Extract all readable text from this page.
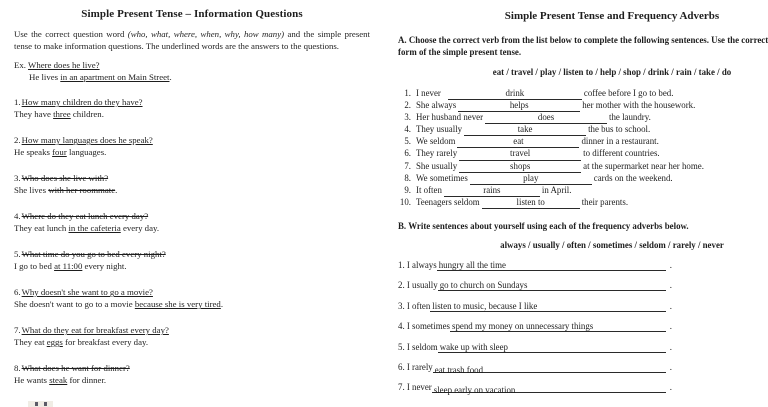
Simple Present Tense – Information Questions

Use the correct question word (who, what, where, when, why, how many) and the simple present tense to make information questions. The underlined words are the answers to the questions.

Ex. Where does he live?
He lives in an apartment on Main Street.
1.How many children do they have?
They have three children.
2.How many languages does he speak?
He speaks four languages.
3.Who does she live with?
She lives with her roommate.
4.Where do they eat lunch every day?
They eat lunch in the cafeteria every day.
5.What time do you go to bed every night?
I go to bed at 11:00 every night.
6.Why doesn't she want to go a movie?
She doesn't want to go to a movie because she is very tired.
7.What do they eat for breakfast every day?
They eat eggs for breakfast every day.
8.What does he want for dinner?
He wants steak for dinner.
Simple Present Tense and Frequency Adverbs

A. Choose the correct verb from the list below to complete the following sentences. Use the correct
form of the simple present tense.

eat / travel / play / listen to / help / shop / drink / rain / take / do
1. I never	drink	coffee before I go to bed.
2. She always	helps	her mother with the housework.
3. Her husband never	does	the laundry.
4. They usually	take	the bus to school.
5. We seldom	eat	dinner in a restaurant.
6. They rarely	travel	to different countries.
7. She usually	shops	at the supermarket near her home.
8. We sometimes	play	cards on the weekend.
9. It often	rains	in April.
10. Teenagers seldom	listen to	their parents.

B. Write sentences about yourself using each of the frequency adverbs below.

always / usually / often / sometimes / seldom / rarely / never
1. I always hungry all the time	.
2. I usually go to church on Sundays	.
3. I often listen to music, because I like	.
4. I sometimes spend my money on unnecessary things	.
5. I seldom wake up with sleep	.
6. I rarely eat trash food	.
7. I never sleep early on vacation	.
